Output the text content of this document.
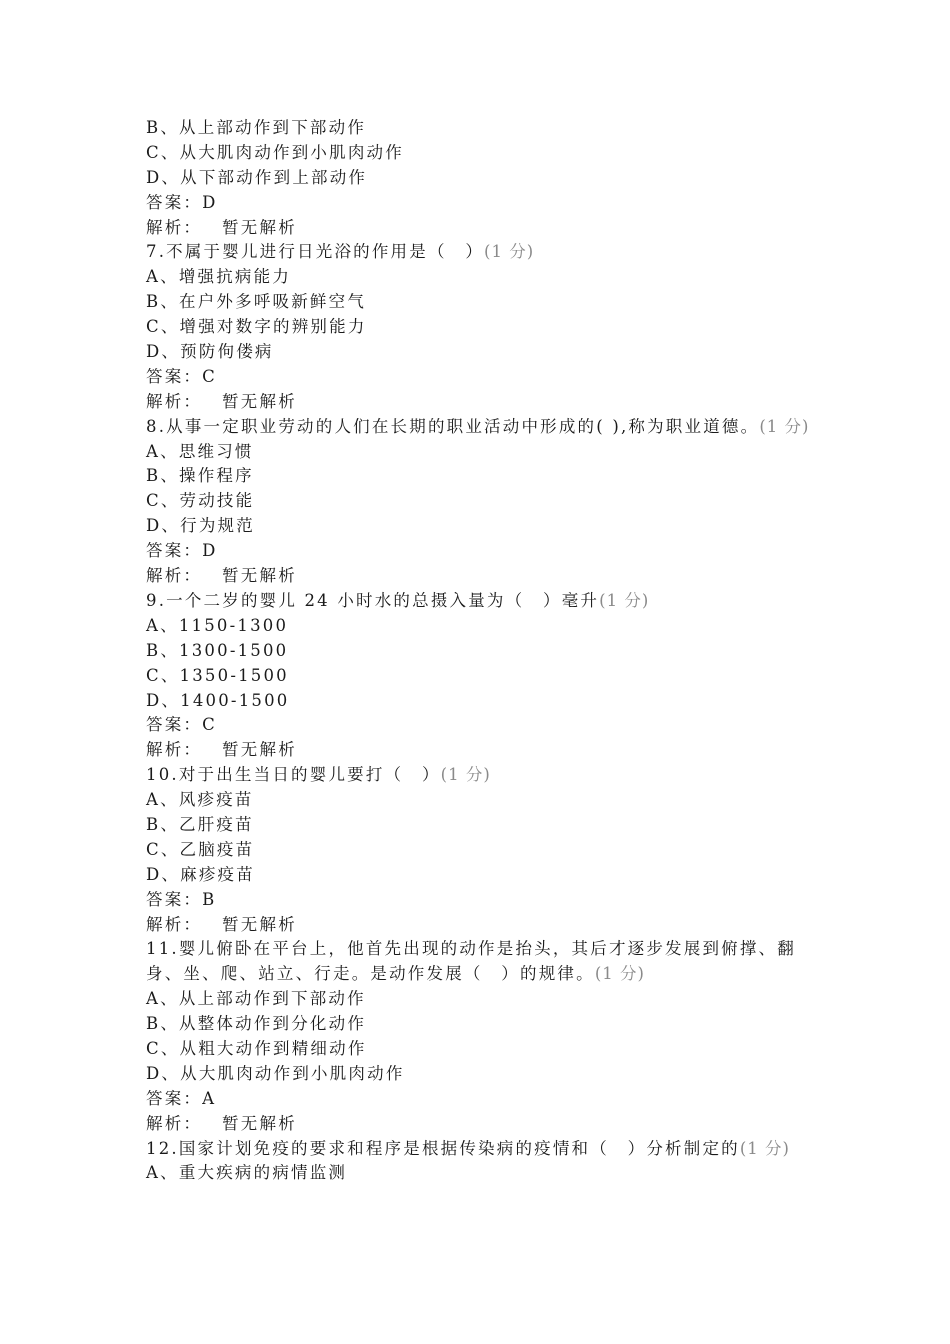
B、从上部动作到下部动作
C、从大肌肉动作到小肌肉动作
D、从下部动作到上部动作
答案：D
解析： 暂无解析
7.不属于婴儿进行日光浴的作用是（　）(1 分)
A、增强抗病能力
B、在户外多呼吸新鲜空气
C、增强对数字的辨别能力
D、预防佝偻病
答案：C
解析： 暂无解析
8.从事一定职业劳动的人们在长期的职业活动中形成的( ),称为职业道德。(1 分)
A、思维习惯
B、操作程序
C、劳动技能
D、行为规范
答案：D
解析： 暂无解析
9.一个二岁的婴儿 24 小时水的总摄入量为（　）毫升(1 分)
A、1150-1300
B、1300-1500
C、1350-1500
D、1400-1500
答案：C
解析： 暂无解析
10.对于出生当日的婴儿要打（　）(1 分)
A、风疹疫苗
B、乙肝疫苗
C、乙脑疫苗
D、麻疹疫苗
答案：B
解析： 暂无解析
11.婴儿俯卧在平台上，他首先出现的动作是抬头，其后才逐步发展到俯撑、翻身、坐、爬、站立、行走。是动作发展（　）的规律。(1 分)
A、从上部动作到下部动作
B、从整体动作到分化动作
C、从粗大动作到精细动作
D、从大肌肉动作到小肌肉动作
答案：A
解析： 暂无解析
12.国家计划免疫的要求和程序是根据传染病的疫情和（　）分析制定的(1 分)
A、重大疾病的病情监测
